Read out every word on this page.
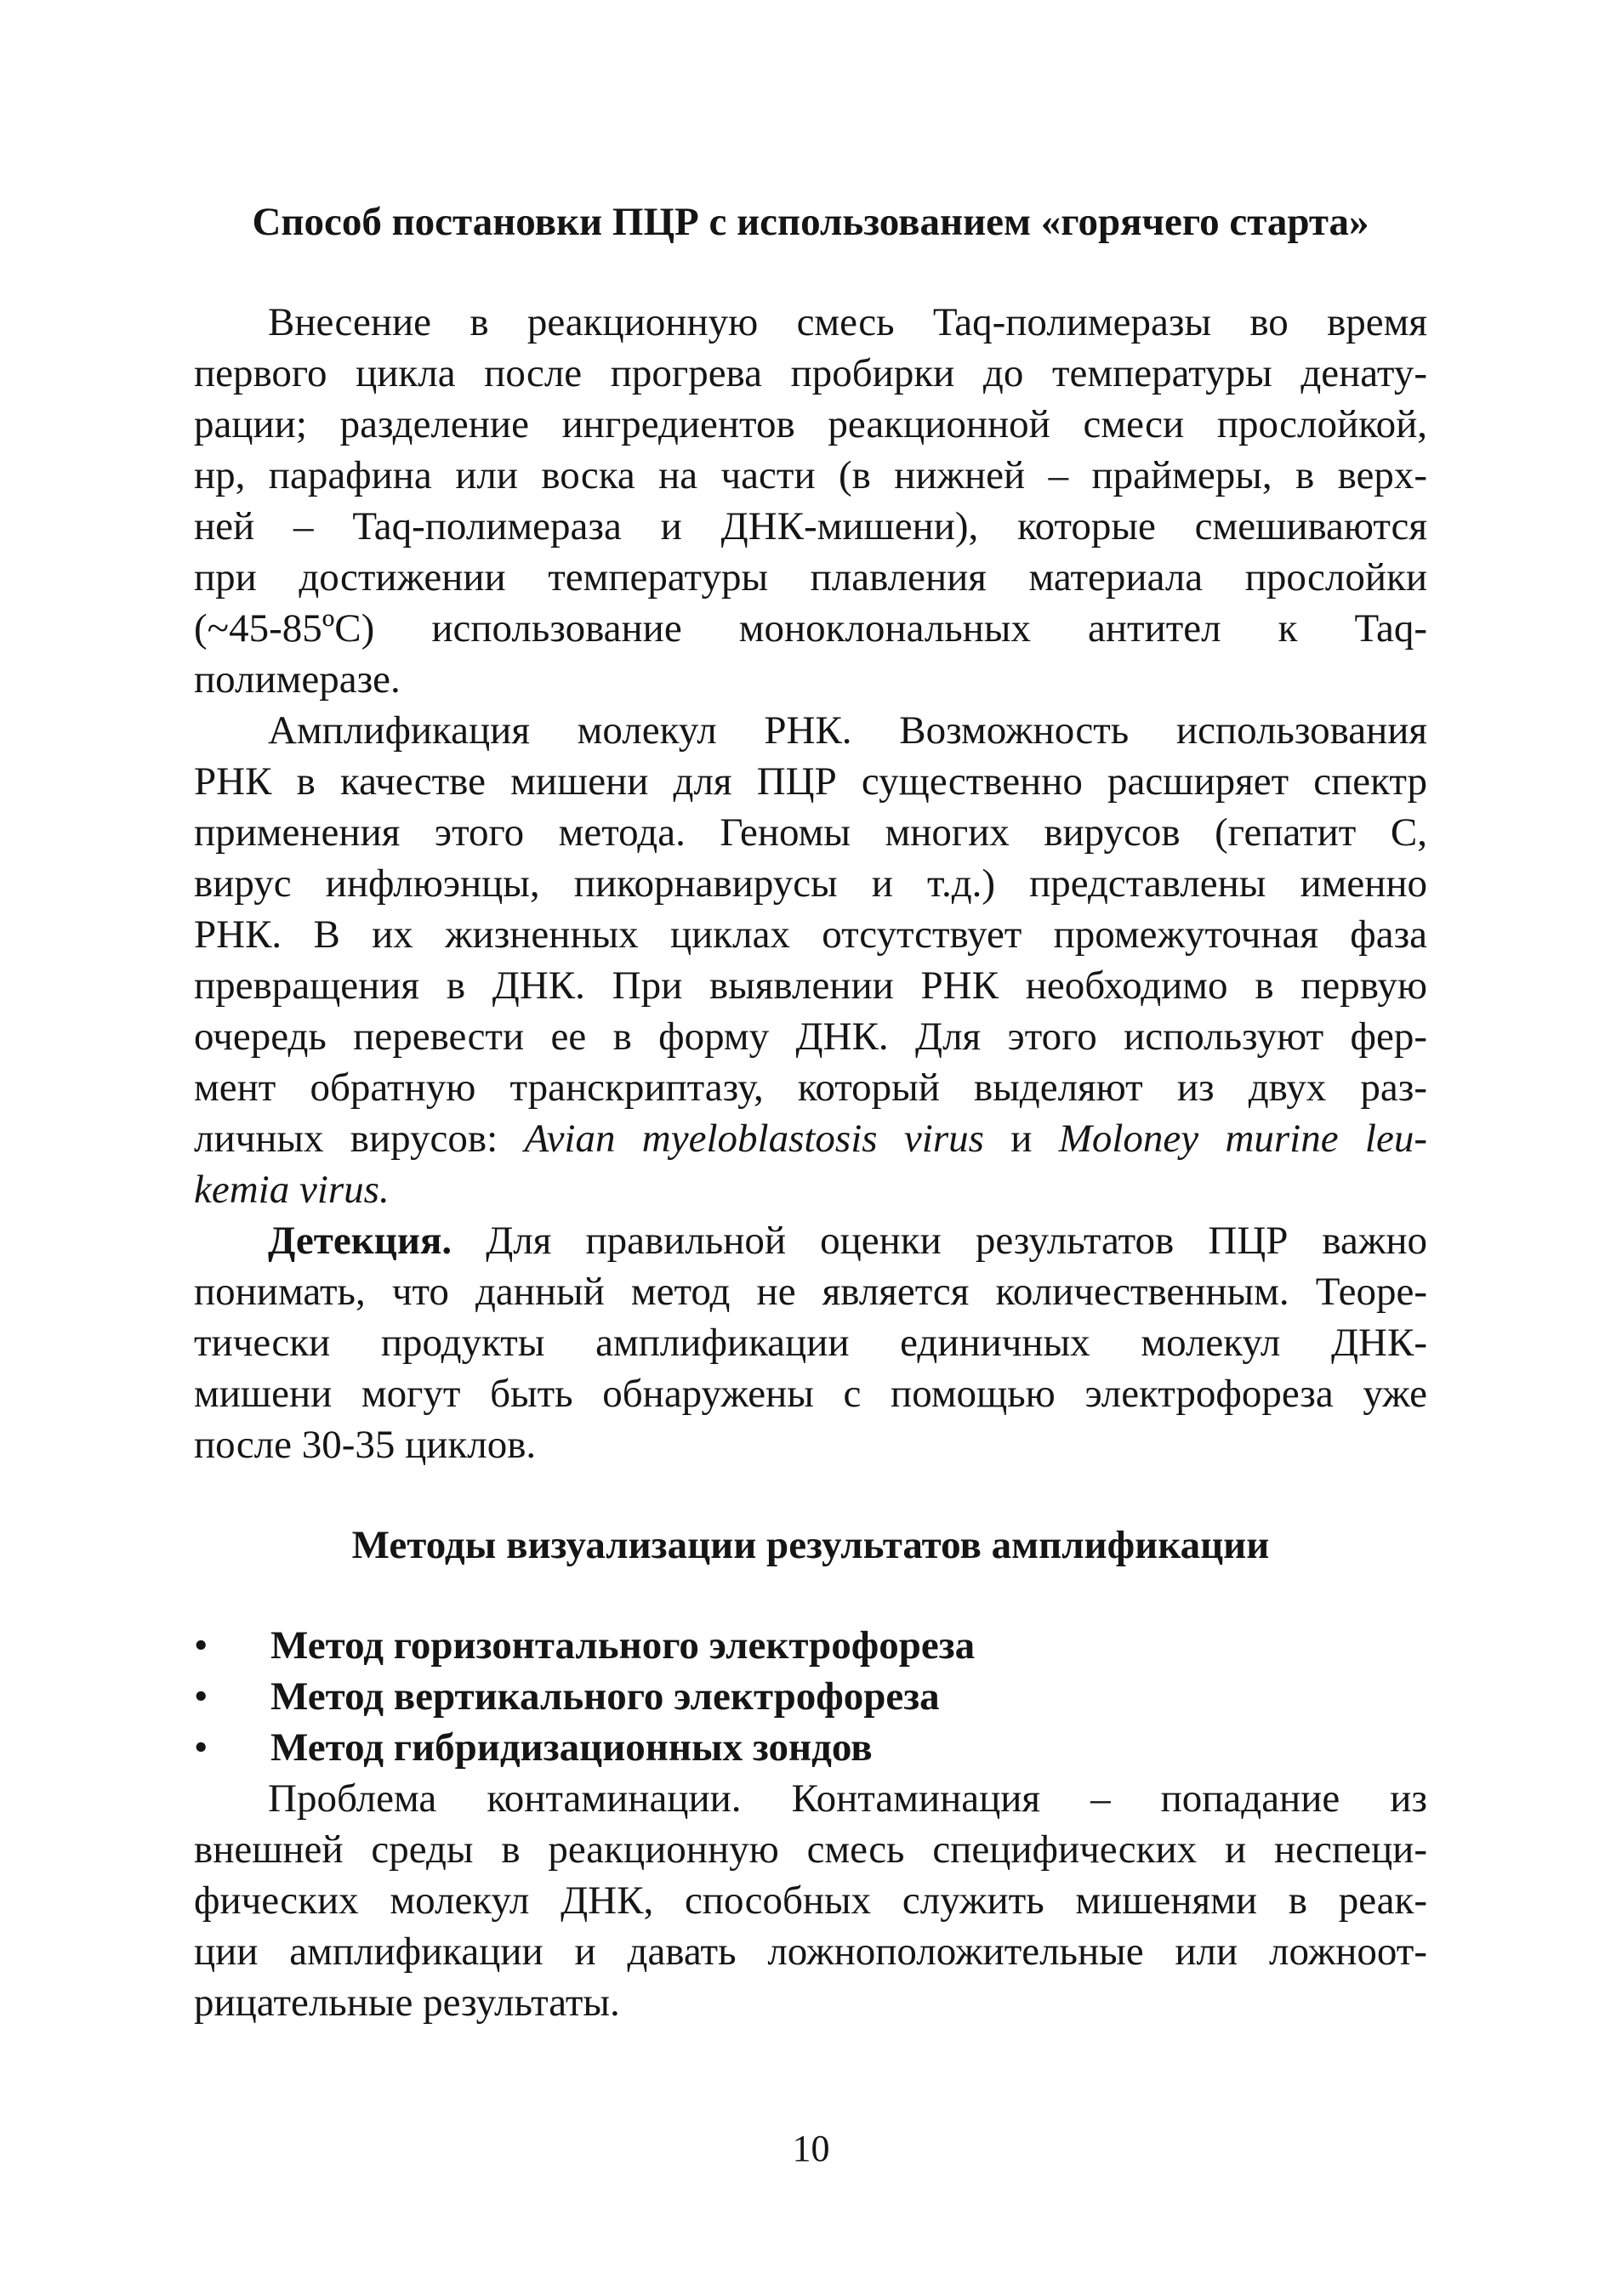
Способ постановки ПЦР с использованием «горячего старта»
Внесение в реакционную смесь Taq-полимеразы во время
первого цикла после прогрева пробирки до температуры денату-
рации; разделение ингредиентов реакционной смеси прослойкой,
нр, парафина или воска на части (в нижней – праймеры, в верх-
ней – Taq-полимераза и ДНК-мишени), которые смешиваются
при достижении температуры плавления материала прослойки
(~45-85ºС) использование моноклональных антител к Taq-
полимеразе.
Амплификация молекул РНК. Возможность использования
РНК в качестве мишени для ПЦР существенно расширяет спектр
применения этого метода. Геномы многих вирусов (гепатит С,
вирус инфлюэнцы, пикорнавирусы и т.д.) представлены именно
РНК. В их жизненных циклах отсутствует промежуточная фаза
превращения в ДНК. При выявлении РНК необходимо в первую
очередь перевести ее в форму ДНК. Для этого используют фер-
мент обратную транскриптазу, который выделяют из двух раз-
личных вирусов: Avian myeloblastosis virus и Moloney murine leu-
kemia virus.
Детекция. Для правильной оценки результатов ПЦР важно
понимать, что данный метод не является количественным. Теоре-
тически продукты амплификации единичных молекул ДНК-
мишени могут быть обнаружены с помощью электрофореза уже
после 30-35 циклов.
Методы визуализации результатов амплификации
• Метод горизонтального электрофореза
• Метод вертикального электрофореза
• Метод гибридизационных зондов
Проблема контаминации. Контаминация – попадание из
внешней среды в реакционную смесь специфических и неспеци-
фических молекул ДНК, способных служить мишенями в реак-
ции амплификации и давать ложноположительные или ложноот-
рицательные результаты.
10
